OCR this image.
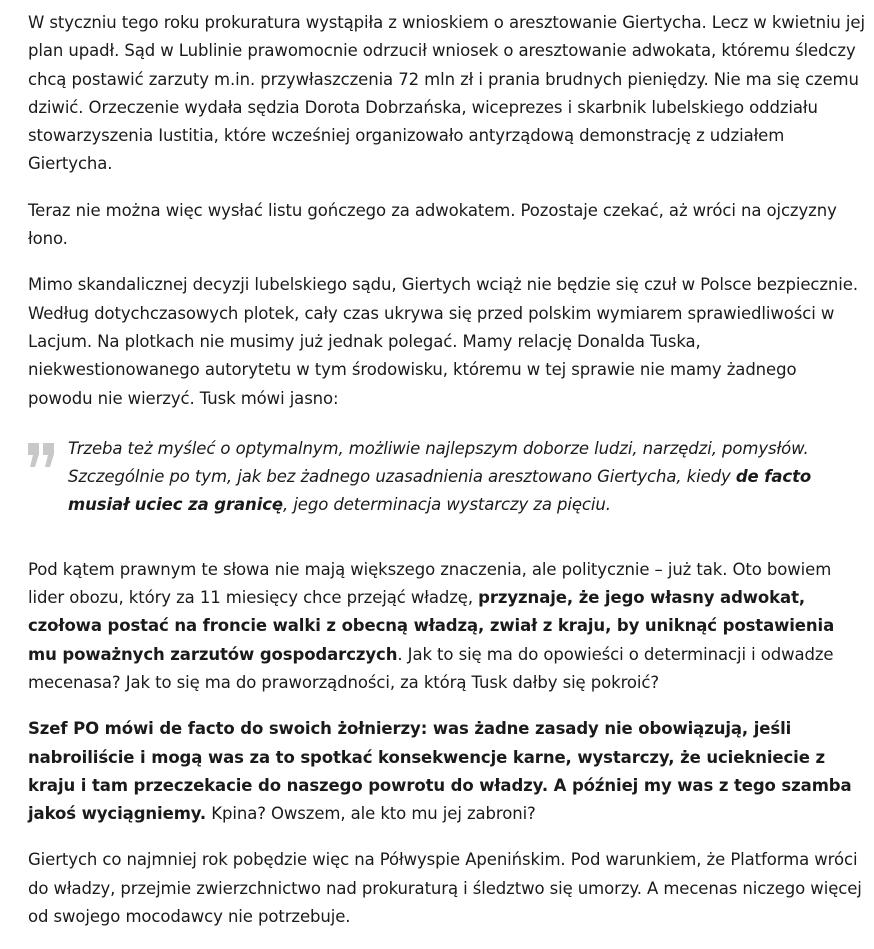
W styczniu tego roku prokuratura wystąpiła z wnioskiem o aresztowanie Giertycha. Lecz w kwietniu jej plan upadł. Sąd w Lublinie prawomocnie odrzucił wniosek o aresztowanie adwokata, któremu śledczy chcą postawić zarzuty m.in. przywłaszczenia 72 mln zł i prania brudnych pieniędzy. Nie ma się czemu dziwić. Orzeczenie wydała sędzia Dorota Dobrzańska, wiceprezes i skarbnik lubelskiego oddziału stowarzyszenia Iustitia, które wcześniej organizowało antyrządową demonstrację z udziałem Giertycha.

Teraz nie można więc wysłać listu gończego za adwokatem. Pozostaje czekać, aż wróci na ojczyzny łono.

Mimo skandalicznej decyzji lubelskiego sądu, Giertych wciąż nie będzie się czuł w Polsce bezpiecznie. Według dotychczasowych plotek, cały czas ukrywa się przed polskim wymiarem sprawiedliwości w Lacjum. Na plotkach nie musimy już jednak polegać. Mamy relację Donalda Tuska, niekwestionowanego autorytetu w tym środowisku, któremu w tej sprawie nie mamy żadnego powodu nie wierzyć. Tusk mówi jasno:

Trzeba też myśleć o optymalnym, możliwie najlepszym doborze ludzi, narzędzi, pomysłów. Szczególnie po tym, jak bez żadnego uzasadnienia aresztowano Giertycha, kiedy de facto musiał uciec za granicę, jego determinacja wystarczy za pięciu.

Pod kątem prawnym te słowa nie mają większego znaczenia, ale politycznie – już tak. Oto bowiem lider obozu, który za 11 miesięcy chce przejąć władzę, przyznaje, że jego własny adwokat, czołowa postać na froncie walki z obecną władzą, zwiał z kraju, by uniknąć postawienia mu poważnych zarzutów gospodarczych. Jak to się ma do opowieści o determinacji i odwadze mecenasa? Jak to się ma do praworządności, za którą Tusk dałby się pokroić?

Szef PO mówi de facto do swoich żołnierzy: was żadne zasady nie obowiązują, jeśli nabroiliście i mogą was za to spotkać konsekwencje karne, wystarczy, że uciekniecie z kraju i tam przeczekacie do naszego powrotu do władzy. A później my was z tego szamba jakoś wyciągniemy. Kpina? Owszem, ale kto mu jej zabroni?

Giertych co najmniej rok pobędzie więc na Półwyspie Apenińskim. Pod warunkiem, że Platforma wróci do władzy, przejmie zwierzchnictwo nad prokuraturą i śledztwo się umorzy. A mecenas niczego więcej od swojego mocodawcy nie potrzebuje.
